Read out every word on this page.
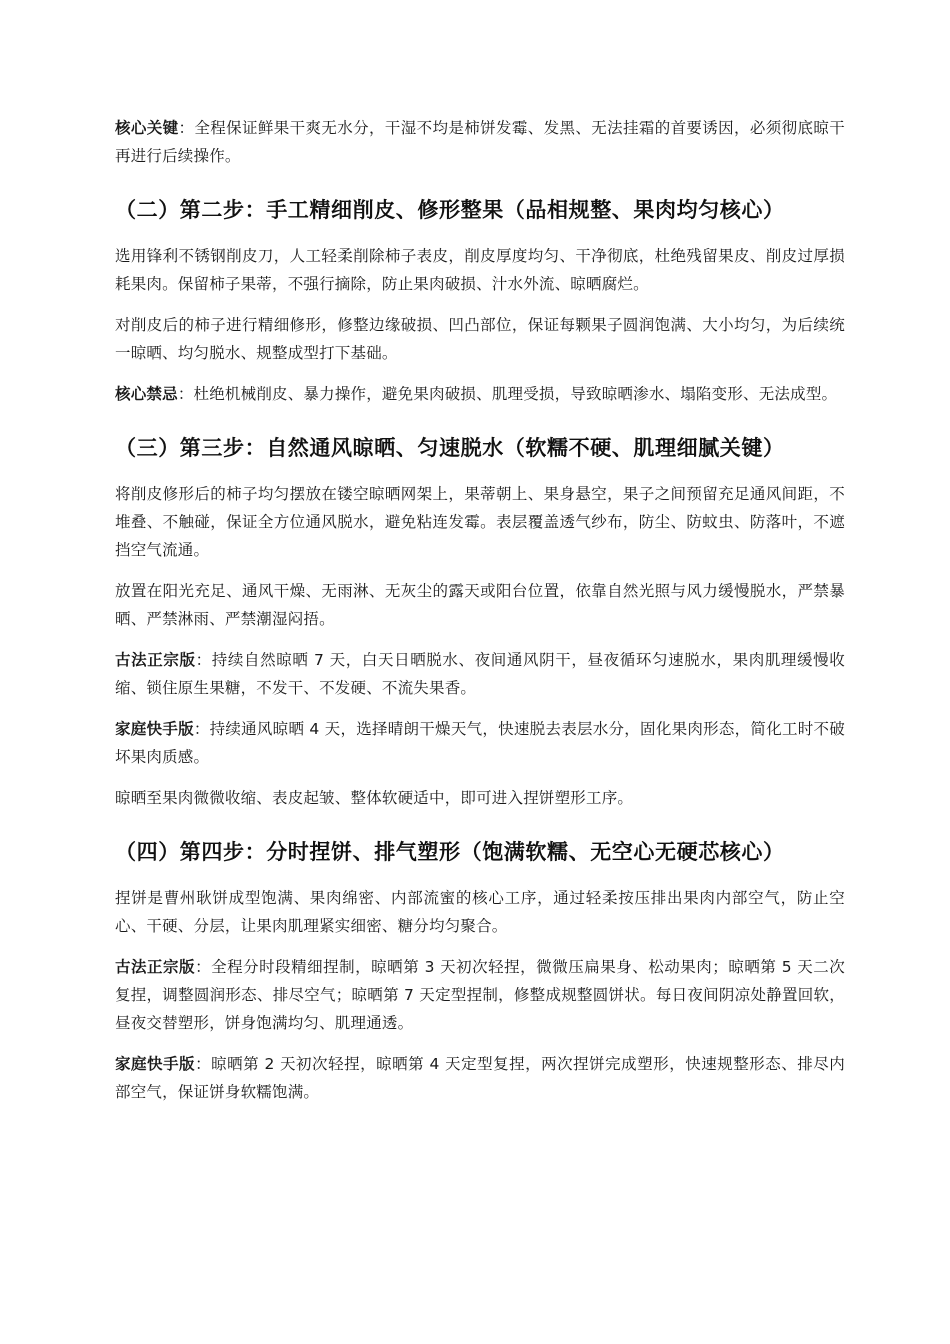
核心关键：全程保证鲜果干爽无水分，干湿不均是柿饼发霉、发黑、无法挂霜的首要诱因，必须彻底晾干再进行后续操作。

（二）第二步：手工精细削皮、修形整果（品相规整、果肉均匀核心）

选用锋利不锈钢削皮刀，人工轻柔削除柿子表皮，削皮厚度均匀、干净彻底，杜绝残留果皮、削皮过厚损耗果肉。保留柿子果蒂，不强行摘除，防止果肉破损、汁水外流、晾晒腐烂。

对削皮后的柿子进行精细修形，修整边缘破损、凹凸部位，保证每颗果子圆润饱满、大小均匀，为后续统一晾晒、均匀脱水、规整成型打下基础。

核心禁忌：杜绝机械削皮、暴力操作，避免果肉破损、肌理受损，导致晾晒渗水、塌陷变形、无法成型。

（三）第三步：自然通风晾晒、匀速脱水（软糯不硬、肌理细腻关键）

将削皮修形后的柿子均匀摆放在镂空晾晒网架上，果蒂朝上、果身悬空，果子之间预留充足通风间距，不堆叠、不触碰，保证全方位通风脱水，避免粘连发霉。表层覆盖透气纱布，防尘、防蚊虫、防落叶，不遮挡空气流通。

放置在阳光充足、通风干燥、无雨淋、无灰尘的露天或阳台位置，依靠自然光照与风力缓慢脱水，严禁暴晒、严禁淋雨、严禁潮湿闷捂。

古法正宗版：持续自然晾晒 7 天，白天日晒脱水、夜间通风阴干，昼夜循环匀速脱水，果肉肌理缓慢收缩、锁住原生果糖，不发干、不发硬、不流失果香。

家庭快手版：持续通风晾晒 4 天，选择晴朗干燥天气，快速脱去表层水分，固化果肉形态，简化工时不破坏果肉质感。

晾晒至果肉微微收缩、表皮起皱、整体软硬适中，即可进入捏饼塑形工序。

（四）第四步：分时捏饼、排气塑形（饱满软糯、无空心无硬芯核心）

捏饼是曹州耿饼成型饱满、果肉绵密、内部流蜜的核心工序，通过轻柔按压排出果肉内部空气，防止空心、干硬、分层，让果肉肌理紧实细密、糖分均匀聚合。

古法正宗版：全程分时段精细捏制，晾晒第 3 天初次轻捏，微微压扁果身、松动果肉；晾晒第 5 天二次复捏，调整圆润形态、排尽空气；晾晒第 7 天定型捏制，修整成规整圆饼状。每日夜间阴凉处静置回软，昼夜交替塑形，饼身饱满均匀、肌理通透。

家庭快手版：晾晒第 2 天初次轻捏，晾晒第 4 天定型复捏，两次捏饼完成塑形，快速规整形态、排尽内部空气，保证饼身软糯饱满。
